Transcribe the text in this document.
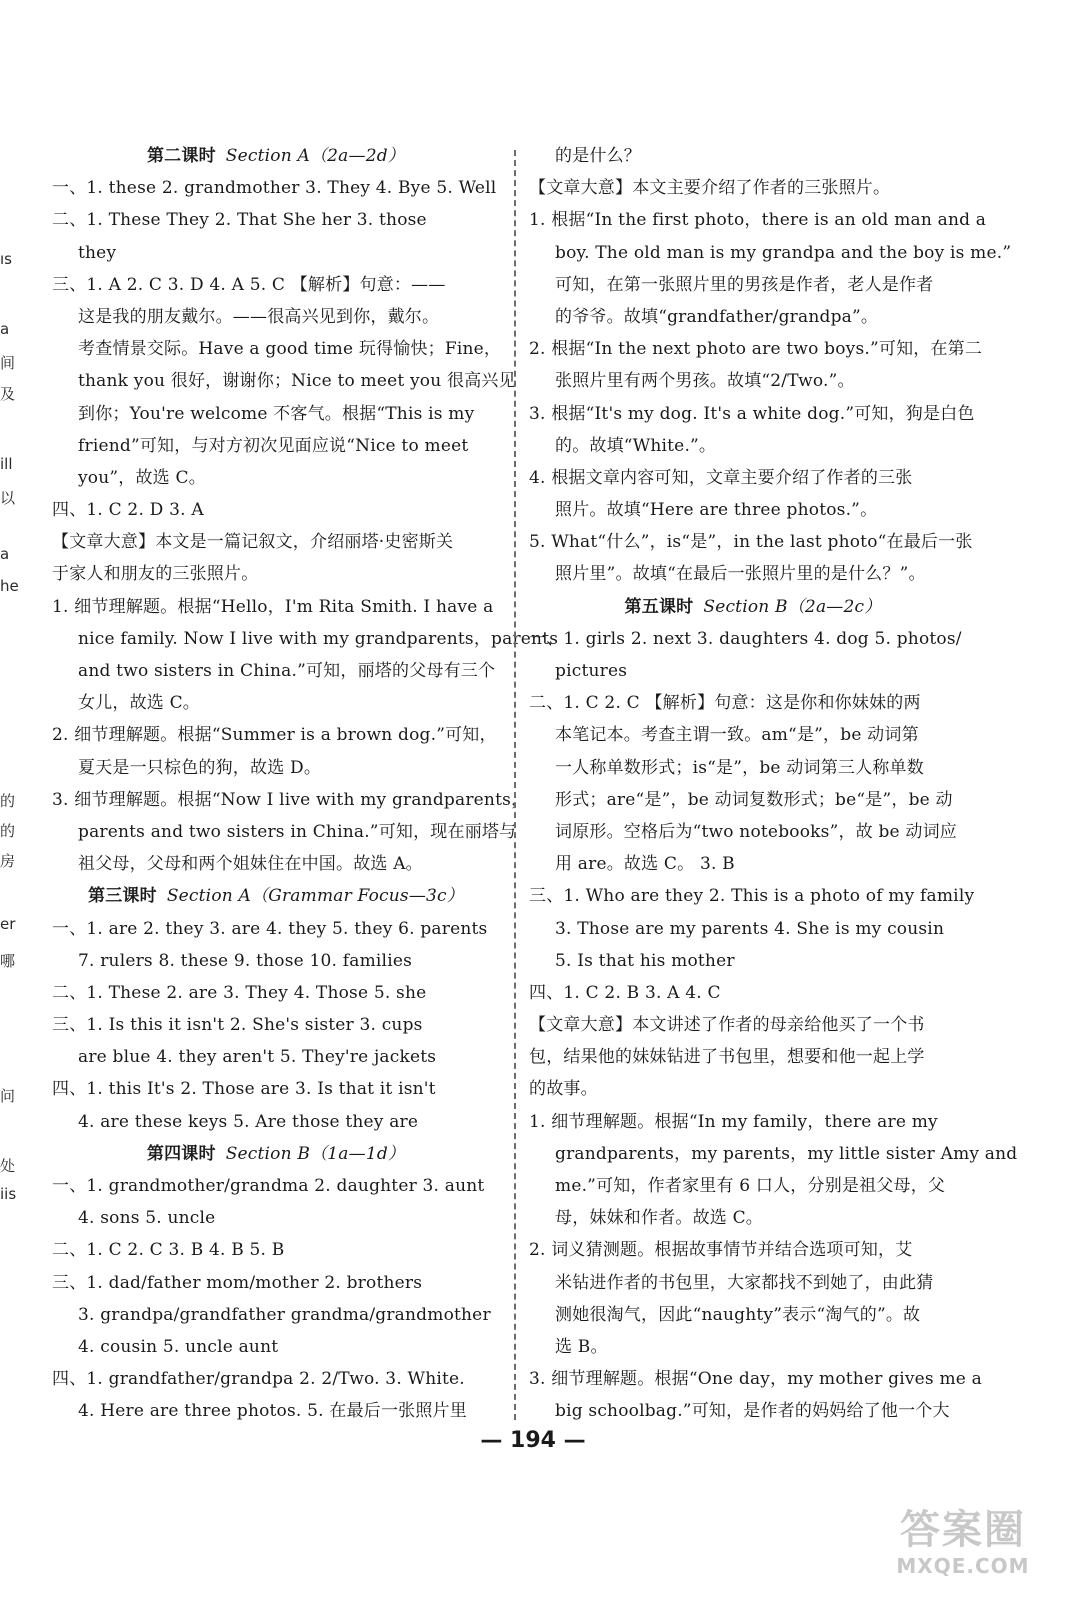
第二课时 Section A（2a—2d）
一、1. these 2. grandmother 3. They 4. Bye 5. Well
二、1. These They 2. That She her 3. those
they
三、1. A 2. C 3. D 4. A 5. C 【解析】句意：——
这是我的朋友戴尔。——很高兴见到你，戴尔。
考查情景交际。Have a good time 玩得愉快；Fine，
thank you 很好，谢谢你；Nice to meet you 很高兴见
到你；You're welcome 不客气。根据“This is my
friend”可知，与对方初次见面应说“Nice to meet
you”，故选 C。
四、1. C 2. D 3. A
【文章大意】本文是一篇记叙文，介绍丽塔·史密斯关
于家人和朋友的三张照片。
1. 细节理解题。根据“Hello，I'm Rita Smith. I have a
nice family. Now I live with my grandparents，parents
and two sisters in China.”可知，丽塔的父母有三个
女儿，故选 C。
2. 细节理解题。根据“Summer is a brown dog.”可知，
夏天是一只棕色的狗，故选 D。
3. 细节理解题。根据“Now I live with my grandparents，
parents and two sisters in China.”可知，现在丽塔与
祖父母，父母和两个姐妹住在中国。故选 A。
第三课时 Section A（Grammar Focus—3c）
一、1. are 2. they 3. are 4. they 5. they 6. parents
7. rulers 8. these 9. those 10. families
二、1. These 2. are 3. They 4. Those 5. she
三、1. Is this it isn't 2. She's sister 3. cups
are blue 4. they aren't 5. They're jackets
四、1. this It's 2. Those are 3. Is that it isn't
4. are these keys 5. Are those they are
第四课时 Section B（1a—1d）
一、1. grandmother/grandma 2. daughter 3. aunt
4. sons 5. uncle
二、1. C 2. C 3. B 4. B 5. B
三、1. dad/father mom/mother 2. brothers
3. grandpa/grandfather grandma/grandmother
4. cousin 5. uncle aunt
四、1. grandfather/grandpa 2. 2/Two. 3. White.
4. Here are three photos. 5. 在最后一张照片里
的是什么？
【文章大意】本文主要介绍了作者的三张照片。
1. 根据“In the first photo，there is an old man and a
boy. The old man is my grandpa and the boy is me.”
可知，在第一张照片里的男孩是作者，老人是作者
的爷爷。故填“grandfather/grandpa”。
2. 根据“In the next photo are two boys.”可知，在第二
张照片里有两个男孩。故填“2/Two.”。
3. 根据“It's my dog. It's a white dog.”可知，狗是白色
的。故填“White.”。
4. 根据文章内容可知，文章主要介绍了作者的三张
照片。故填“Here are three photos.”。
5. What“什么”，is“是”，in the last photo“在最后一张
照片里”。故填“在最后一张照片里的是什么？”。
第五课时 Section B（2a—2c）
一、1. girls 2. next 3. daughters 4. dog 5. photos/
pictures
二、1. C 2. C 【解析】句意：这是你和你妹妹的两
本笔记本。考查主谓一致。am“是”，be 动词第
一人称单数形式；is“是”，be 动词第三人称单数
形式；are“是”，be 动词复数形式；be“是”，be 动
词原形。空格后为“two notebooks”，故 be 动词应
用 are。故选 C。 3. B
三、1. Who are they 2. This is a photo of my family
3. Those are my parents 4. She is my cousin
5. Is that his mother
四、1. C 2. B 3. A 4. C
【文章大意】本文讲述了作者的母亲给他买了一个书
包，结果他的妹妹钻进了书包里，想要和他一起上学
的故事。
1. 细节理解题。根据“In my family，there are my
grandparents，my parents，my little sister Amy and
me.”可知，作者家里有 6 口人，分别是祖父母，父
母，妹妹和作者。故选 C。
2. 词义猜测题。根据故事情节并结合选项可知，艾
米钻进作者的书包里，大家都找不到她了，由此猜
测她很淘气，因此“naughty”表示“淘气的”。故
选 B。
3. 细节理解题。根据“One day，my mother gives me a
big schoolbag.”可知，是作者的妈妈给了他一个大
ıs
a
间
及
ill
以
a
he
的
的
房
er
哪
问
处
iis
— 194 —
答案圈
MXQE.COM
